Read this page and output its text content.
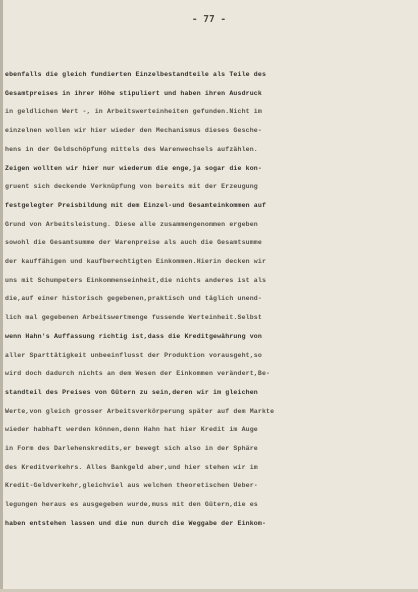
- 77 -
ebenfalls die gleich fundierten Einzelbestandteile als Teile des
Gesamtpreises in ihrer Höhe stipuliert und haben ihren Ausdruck
in geldlichen Wert -, in Arbeitswerteinheiten gefunden.Nicht im
einzelnen wollen wir hier wieder den Mechanismus dieses Gesche-
hens in der Geldschöpfung mittels des Warenwechsels aufzählen.
Zeigen wollten wir hier nur wiederum die enge,ja sogar die kon-
gruent sich deckende Verknüpfung von bereits mit der Erzeugung
festgelegter Preisbildung mit dem Einzel-und Gesamteinkommen auf
Grund von Arbeitsleistung. Diese alle zusammengenommen ergeben
sowohl die Gesamtsumme der Warenpreise als auch die Gesamtsumme
der kauffähigen und kaufberechtigten Einkommen.Hierin decken wir
uns mit Schumpeters Einkommenseinheit,die nichts anderes ist als
die,auf einer historisch gegebenen,praktisch und täglich unend-
lich mal gegebenen Arbeitswertmenge fussende Werteinheit.Selbst
wenn Hahn's Auffassung richtig ist,dass die Kreditgewährung von
aller Sparttätigkeit unbeeinflusst der Produktion vorausgeht,so
wird doch dadurch nichts an dem Wesen der Einkommen verändert,Be-
standteil des Preises von Gütern zu sein,deren wir im gleichen
Werte,von gleich grosser Arbeitsverkörperung später auf dem Markte
wieder habhaft werden können,denn Hahn hat hier Kredit im Auge
in Form des Darlehenskredits,er bewegt sich also in der Sphäre
des Kreditverkehrs. Alles Bankgeld aber,und hier stehen wir im
Kredit-Geldverkehr,gleichviel aus welchen theoretischen Ueber-
legungen heraus es ausgegeben wurde,muss mit den Gütern,die es
haben entstehen lassen und die nun durch die Weggabe der Einkom-
